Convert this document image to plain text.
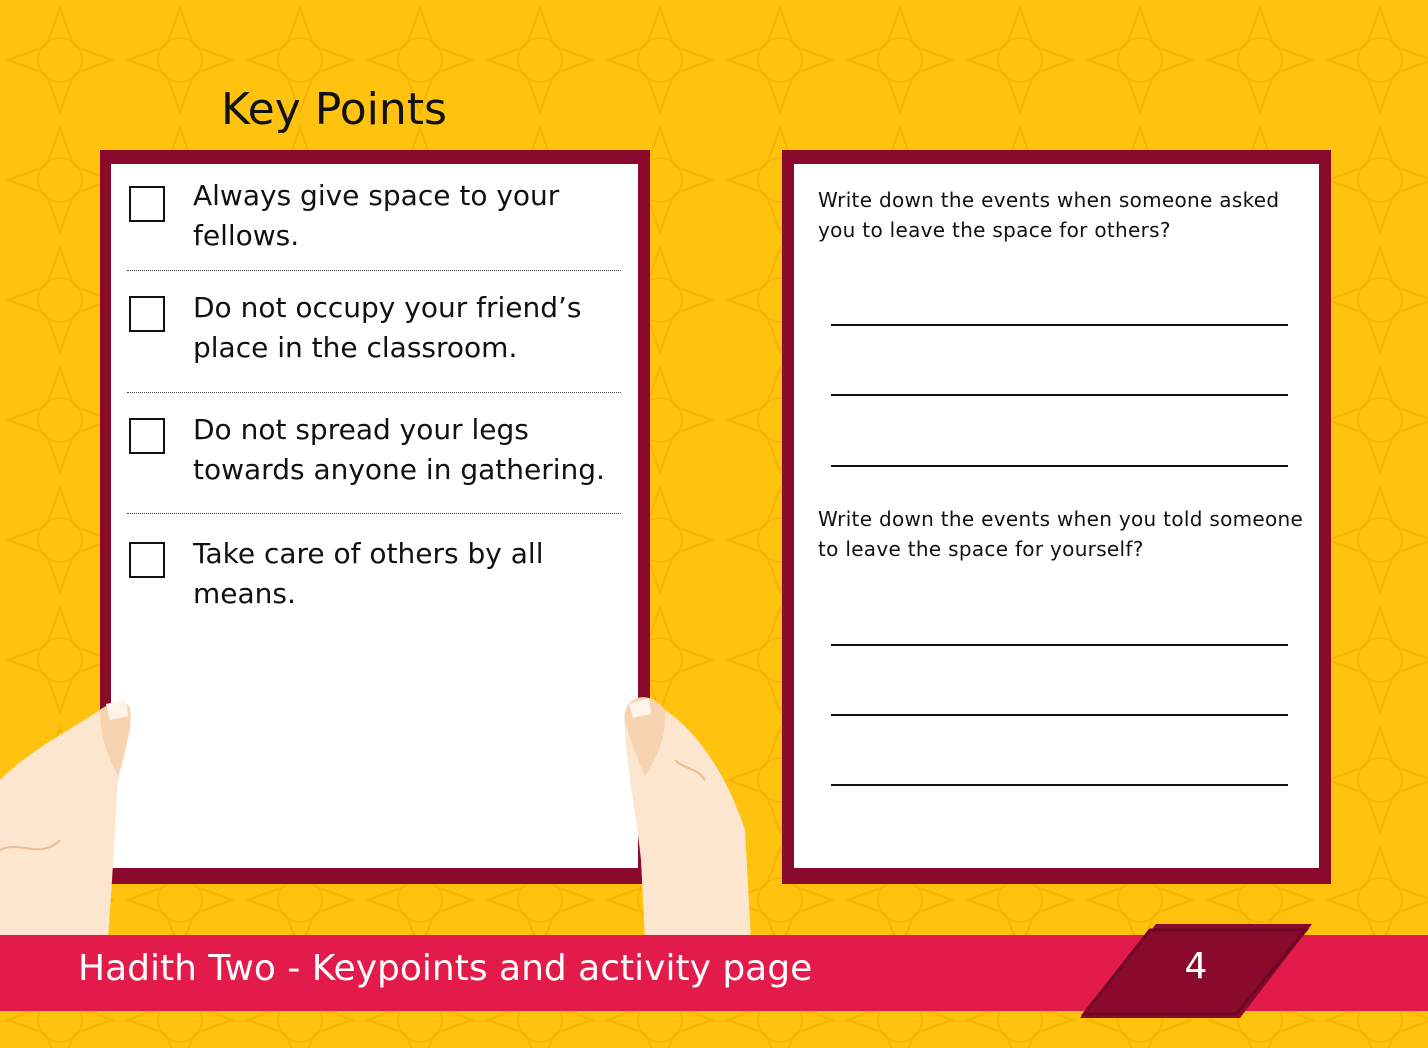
Key Points
Always give space to your fellows.
Do not occupy your friend’s place in the classroom.
Do not spread your legs towards anyone in gathering.
Take care of others by all means.
Write down the events when someone asked you to leave the space for others?
Write down the events when you told someone to leave the space for yourself?
Hadith Two - Keypoints and activity page	4
